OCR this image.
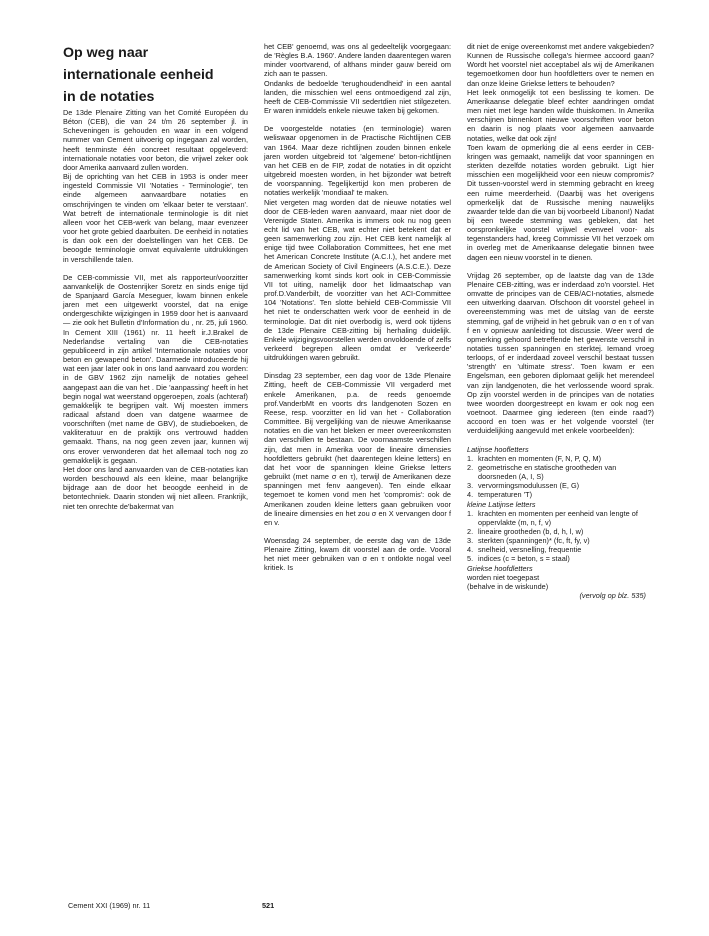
Op weg naar
internationale eenheid
in de notaties

De 13de Plenaire Zitting van het Comité Européen du Béton (CEB), die van 24 t/m 26 september jl. in Scheveningen is gehouden en waar in een volgend nummer van Cement uitvoerig op ingegaan zal worden, heeft tenminste één concreet resultaat opgeleverd: internationale notaties voor beton, die vrijwel zeker ook door Amerika aanvaard zullen worden.

Bij de oprichting van het CEB in 1953 is onder meer ingesteld Commissie VII 'Notaties - Terminologie', ten einde algemeen aanvaardbare notaties en omschrijvingen te vinden om 'elkaar beter te verstaan'. Wat betreft de internationale terminologie is dit niet alleen voor het CEB-werk van belang, maar evenzeer voor het grote gebied daarbuiten. De eenheid in notaties is dan ook een der doelstellingen van het CEB. De beoogde terminologie omvat equivalente uitdrukkingen in verschillende talen.

De CEB-commissie VII, met als rapporteur/voorzitter aanvankelijk de Oostenrijker Soretz en sinds enige tijd de Spanjaard García Meseguer, kwam binnen enkele jaren met een uitgewerkt voorstel, dat na enige ondergeschikte wijzigingen in 1959 door het is aanvaard — zie ook het Bulletin d'Information du , nr. 25, juli 1960. In Cement XIII (1961) nr. 11 heeft ir.J.Brakel de Nederlandse vertaling van die CEB-notaties gepubliceerd in zijn artikel 'Internationale notaties voor beton en gewapend beton'. Daarmede introduceerde hij wat een jaar later ook in ons land aanvaard zou worden: in de GBV 1962 zijn namelijk de notaties geheel aangepast aan die van het . Die 'aanpassing' heeft in het begin nogal wat weerstand opgeroepen, zoals (achteraf) gemakkelijk te begrijpen valt. Wij moesten immers radicaal afstand doen van datgene waarmee de voorschriften (met name de GBV), de studieboeken, de vakliteratuur en de praktijk ons vertrouwd hadden gemaakt. Thans, na nog geen zeven jaar, kunnen wij ons erover verwonderen dat het allemaal toch nog zo gemakkelijk is gegaan.

Het door ons land aanvaarden van de CEB-notaties kan worden beschouwd als een kleine, maar belangrijke bijdrage aan de door het beoogde eenheid in de betontechniek. Daarin stonden wij niet alleen. Frankrijk, niet ten onrechte de'bakermat van

het CEB' genoemd, was ons al gedeeltelijk voorgegaan: de 'Règles B.A. 1960'. Andere landen daarentegen waren minder voortvarend, of althans minder gauw bereid om zich aan te passen.

Ondanks de bedoelde 'terughoudendheid' in een aantal landen, die misschien wel eens ontmoedigend zal zijn, heeft de CEB-Commissie VII sedertdien niet stilgezeten. Er waren inmiddels enkele nieuwe taken bij gekomen.

De voorgestelde notaties (en terminologie) waren weliswaar opgenomen in de Practische Richtlijnen CEB van 1964. Maar deze richtlijnen zouden binnen enkele jaren worden uitgebreid tot 'algemene' beton-richtlijnen van het CEB en de FIP, zodat de notaties in dit opzicht uitgebreid moesten worden, in het bijzonder wat betreft de voorspanning. Tegelijkertijd kon men proberen de notaties werkelijk 'mondiaal' te maken.

Niet vergeten mag worden dat de nieuwe notaties wel door de CEB-leden waren aanvaard, maar niet door de Verenigde Staten. Amerika is immers ook nu nog geen echt lid van het CEB, wat echter niet betekent dat er geen samenwerking zou zijn. Het CEB kent namelijk al enige tijd twee Collaboration Committees, het ene met het American Concrete Institute (A.C.I.), het andere met de American Society of Civil Engineers (A.S.C.E.). Deze samenwerking komt sinds kort ook in CEB-Commissie VII tot uiting, namelijk door het lidmaatschap van prof.D.Vanderbilt, de voorzitter van het ACI-Committee 104 'Notations'. Ten slotte behield CEB-Commissie VII het niet te onderschatten werk voor de eenheid in de terminologie. Dat dit niet overbodig is, werd ook tijdens de 13de Plenaire CEB-zitting bij herhaling duidelijk. Enkele wijzigingsvoorstellen werden onvoldoende of zelfs verkeerd begrepen alleen omdat er 'verkeerde' uitdrukkingen waren gebruikt.

Dinsdag 23 september, een dag voor de 13de Plenaire Zitting, heeft de CEB-Commissie VII vergaderd met enkele Amerikanen, p.a. de reeds genoemde prof.VanderbMt en voorts drs landgenoten Sozen en Reese, resp. voorzitter en lid van het - Collaboration Committee. Bij vergelijking van de nieuwe Amerikaanse notaties en die van het bleken er meer overeenkomsten dan verschillen te bestaan. De voornaamste verschillen zijn, dat men in Amerika voor de lineaire dimensies hoofdletters gebruikt (het daarentegen kleine letters) en dat het voor de spanningen kleine Griekse letters gebruikt (met name σ en τ), terwijl de Amerikanen deze spanningen met fenv aangeven). Ten einde elkaar tegemoet te komen vond men het 'compromis': ook de Amerikanen zouden kleine letters gaan gebruiken voor de lineaire dimensies en het zou σ en X vervangen door f en v.

Woensdag 24 september, de eerste dag van de 13de Plenaire Zitting, kwam dit voorstel aan de orde. Vooral het niet meer gebruiken van σ en τ ontlokte nogal veel kritiek. Is

dit niet de enige overeenkomst met andere vakgebieden? Kunnen de Russische collega's hiermee accoord gaan? Wordt het voorstel niet acceptabel als wij de Amerikanen tegemoetkomen door hun hoofdletters over te nemen en dan onze kleine Griekse letters te behouden?

Het leek onmogelijk tot een beslissing te komen. De Amerikaanse delegatie bleef echter aandringen omdat men niet met lege handen wilde thuiskomen. In Amerika verschijnen binnenkort nieuwe voorschriften voor beton en daarin is nog plaats voor algemeen aanvaarde notaties, welke dat ook zijn!

Toen kwam de opmerking die al eens eerder in CEB-kringen was gemaakt, namelijk dat voor spanningen en sterkten dezelfde notaties worden gebruikt. Ligt hier misschien een mogelijkheid voor een nieuw compromis? Dit tussen-voorstel werd in stemming gebracht en kreeg een ruime meerderheid. (Daarbij was het overigens opmerkelijk dat de Russische mening nauwelijks zwaarder telde dan die van bij voorbeeld Libanon!) Nadat bij een tweede stemming was gebleken, dat het oorspronkelijke voorstel vrijwel evenveel voor- als tegenstanders had, kreeg Commissie VII het verzoek om in overleg met de Amerikaanse delegatie binnen twee dagen een nieuw voorstel in te dienen.

Vrijdag 26 september, op de laatste dag van de 13de Plenaire CEB-zitting, was er inderdaad zo'n voorstel. Het omvatte de principes van de CEB/ACI-notaties, alsmede een uitwerking daarvan. Ofschoon dit voorstel geheel in overeenstemming was met de uitslag van de eerste stemming, gaf de vrijheid in het gebruik van σ en τ of van f en v opnieuw aanleiding tot discussie. Weer werd de opmerking gehoord betreffende het gewenste verschil in notaties tussen spanningen en sterktej. Iemand vroeg terloops, of er inderdaad zoveel verschil bestaat tussen 'strength' en 'ultimate stress'. Toen kwam er een Engelsman, een geboren diplomaat gelijk het merendeel van zijn landgenoten, die het verlossende woord sprak. Op zijn voorstel werden in de principes van de notaties twee woorden doorgestreept en kwam er ook nog een voetnoot. Daarmee ging iedereen (ten einde raad?) accoord en toen was er het volgende voorstel (ter verduidelijking aangevuld met enkele voorbeelden):

Latijnse hoofletters

1. krachten en momenten (F, N, P, Q, M)
2. geometrische en statische grootheden van doorsneden (A, I, S)
3. vervormingsmodulussen (E, G)
4. temperaturen 'T)

kleine Latijnse letters

1. krachten en momenten per eenheid van lengte of oppervlakte (m, n, f, v)
2. lineaire grootheden (b, d, h, l, w)
3. sterkten (spanningen)* (fc, ft, fy, v)
4. snelheid, versnelling, frequentie
5. indices (c = beton, s = staal)

Griekse hoofdletters

worden niet toegepast

(behalve in de wiskunde)

(vervolg op blz. 535)

Cement XXI (1969) nr. 11	521
